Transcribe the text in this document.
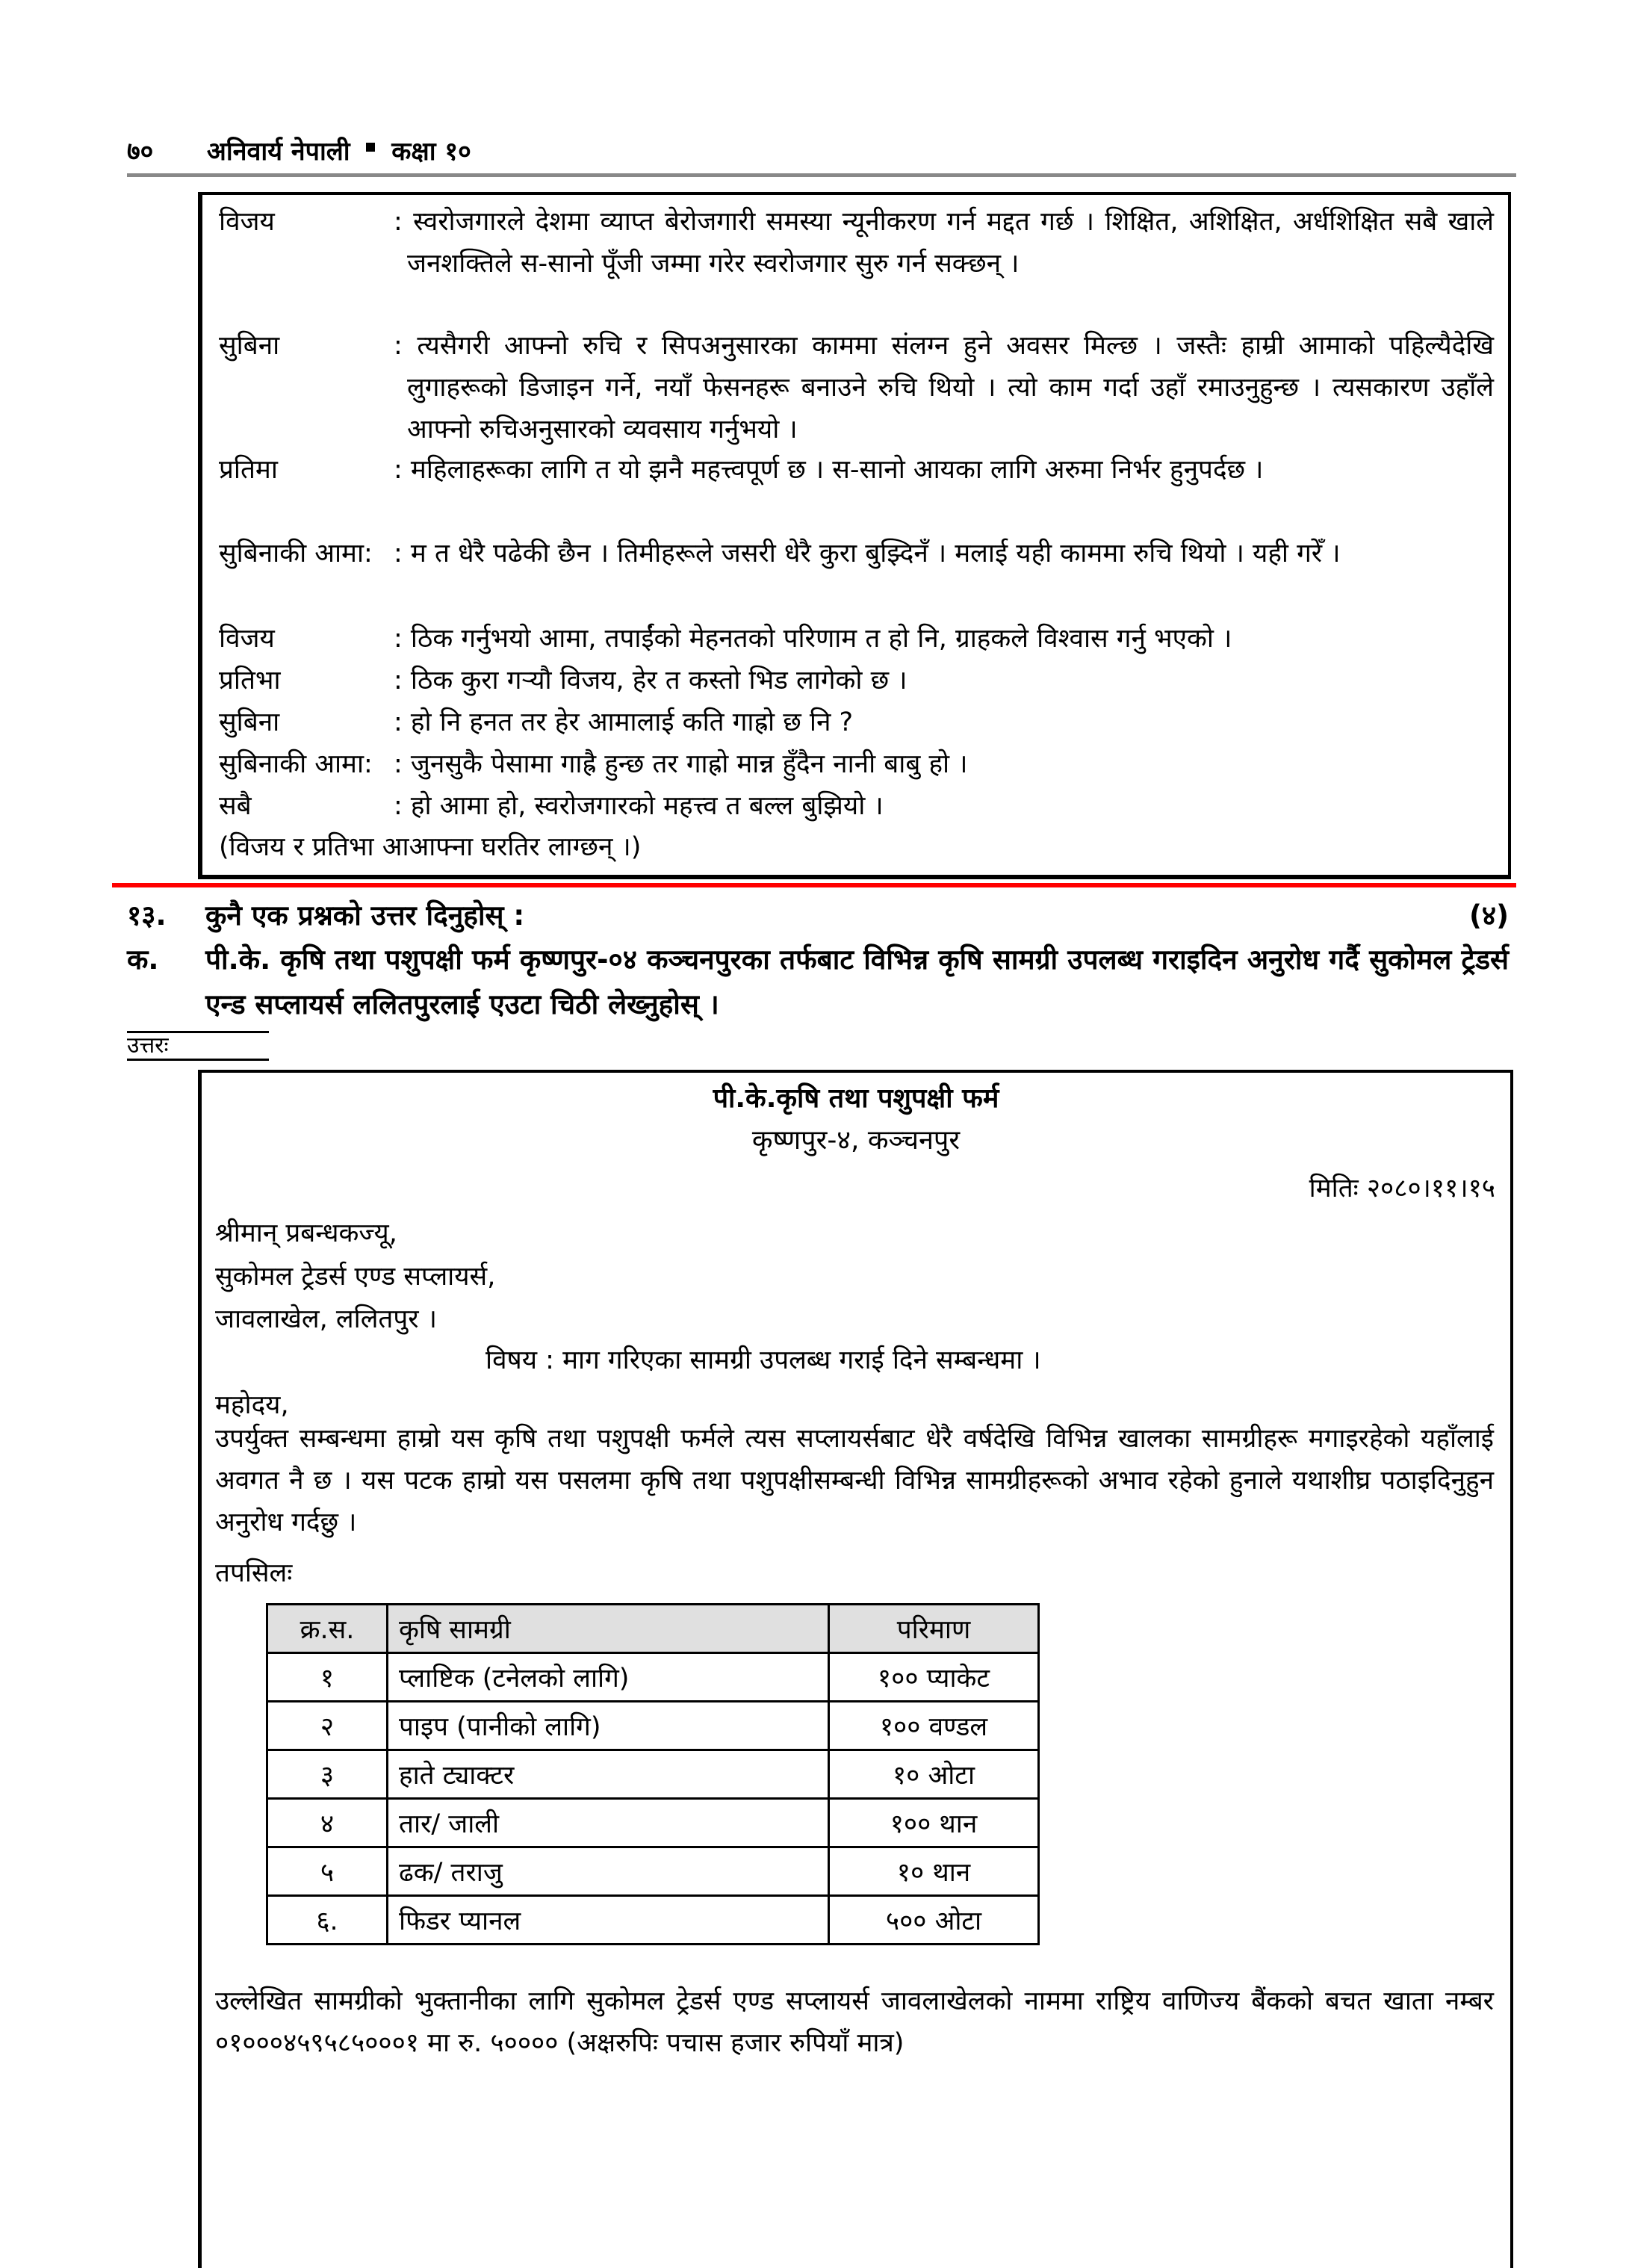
७० अनिवार्य नेपाली कक्षा १०
विजय	: स्वरोजगारले देशमा व्याप्त बेरोजगारी समस्या न्यूनीकरण गर्न मद्दत गर्छ । शिक्षित, अशिक्षित, अर्धशिक्षित सबै खाले जनशक्तिले स-सानो पूँजी जम्मा गरेर स्वरोजगार सुरु गर्न सक्छन् ।
सुबिना	: त्यसैगरी आफ्नो रुचि र सिपअनुसारका काममा संलग्न हुने अवसर मिल्छ । जस्तैः हाम्री आमाको पहिल्यैदेखि लुगाहरूको डिजाइन गर्ने, नयाँ फेसनहरू बनाउने रुचि थियो । त्यो काम गर्दा उहाँ रमाउनुहुन्छ । त्यसकारण उहाँले आफ्नो रुचिअनुसारको व्यवसाय गर्नुभयो ।
प्रतिमा	: महिलाहरूका लागि त यो झनै महत्त्वपूर्ण छ । स-सानो आयका लागि अरुमा निर्भर हुनुपर्दछ ।
सुबिनाकी आमा: : म त धेरै पढेकी छैन । तिमीहरूले जसरी धेरै कुरा बुझ्दिनँ । मलाई यही काममा रुचि थियो । यही गरेँ ।
विजय	: ठिक गर्नुभयो आमा, तपाईंको मेहनतको परिणाम त हो नि, ग्राहकले विश्वास गर्नु भएको ।
प्रतिभा	: ठिक कुरा गऱ्यौ विजय, हेर त कस्तो भिड लागेको छ ।
सुबिना	: हो नि हनत तर हेर आमालाई कति गाह्रो छ नि ?
सुबिनाकी आमा: : जुनसुकै पेसामा गाह्रै हुन्छ तर गाह्रो मान्न हुँदैन नानी बाबु हो ।
सबै	: हो आमा हो, स्वरोजगारको महत्त्व त बल्ल बुझियो ।
(विजय र प्रतिभा आआफ्ना घरतिर लाग्छन् ।)
१३. कुनै एक प्रश्नको उत्तर दिनुहोस् :	(४)
क. पी.के. कृषि तथा पशुपक्षी फर्म कृष्णपुर-०४ कञ्चनपुरका तर्फबाट विभिन्न कृषि सामग्री उपलब्ध गराइदिन अनुरोध गर्दै सुकोमल ट्रेडर्स एन्ड सप्लायर्स ललितपुरलाई एउटा चिठी लेख्नुहोस् ।
उत्तरः
पी.के.कृषि तथा पशुपक्षी फर्म
कृष्णपुर-४, कञ्चनपुर
मितिः २०८०।११।१५
श्रीमान् प्रबन्धकज्यू,
सुकोमल ट्रेडर्स एण्ड सप्लायर्स,
जावलाखेल, ललितपुर ।
विषय : माग गरिएका सामग्री उपलब्ध गराई दिने सम्बन्धमा ।
महोदय,
उपर्युक्त सम्बन्धमा हाम्रो यस कृषि तथा पशुपक्षी फर्मले त्यस सप्लायर्सबाट धेरै वर्षदेखि विभिन्न खालका सामग्रीहरू मगाइरहेको यहाँलाई अवगत नै छ । यस पटक हाम्रो यस पसलमा कृषि तथा पशुपक्षीसम्बन्धी विभिन्न सामग्रीहरूको अभाव रहेको हुनाले यथाशीघ्र पठाइदिनुहुन अनुरोध गर्दछु ।
तपसिलः
क्र.स.	कृषि सामग्री	परिमाण
१	प्लाष्टिक (टनेलको लागि)	१०० प्याकेट
२	पाइप (पानीको लागि)	१०० वण्डल
३	हाते ट्याक्टर	१० ओटा
४	तार/ जाली	१०० थान
५	ढक/ तराजु	१० थान
६.	फिडर प्यानल	५०० ओटा
उल्लेखित सामग्रीको भुक्तानीका लागि सुकोमल ट्रेडर्स एण्ड सप्लायर्स जावलाखेलको नाममा राष्ट्रिय वाणिज्य बैंकको बचत खाता नम्बर ०१०००४५९५८५०००१ मा रु. ५०००० (अक्षरुपिः पचास हजार रुपियाँ मात्र)
